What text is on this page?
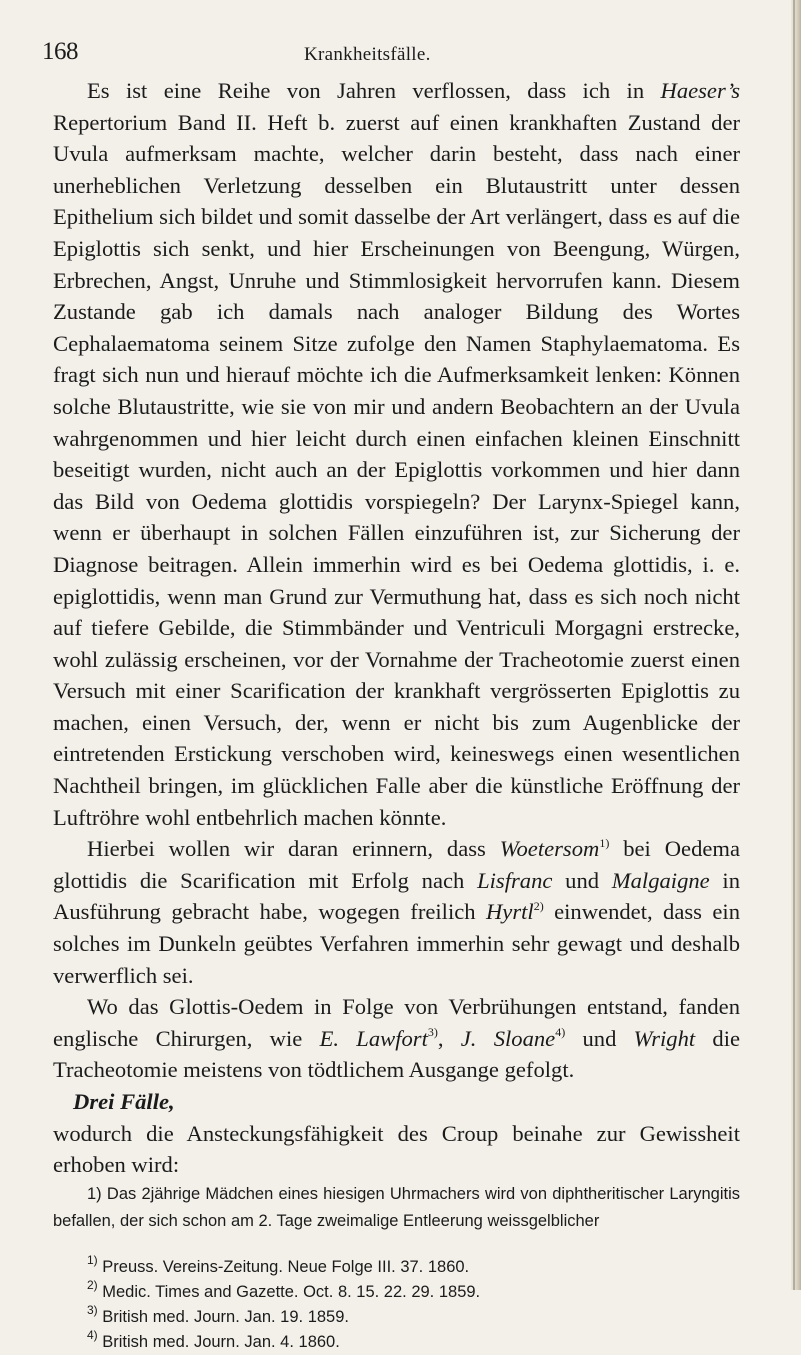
168	Krankheitsfälle.

Es ist eine Reihe von Jahren verflossen, dass ich in Haeser’s Repertorium Band II. Heft b. zuerst auf einen krankhaften Zustand der Uvula aufmerksam machte, welcher darin besteht, dass nach einer unerheblichen Verletzung desselben ein Blutaustritt unter dessen Epithelium sich bildet und somit dasselbe der Art verlängert, dass es auf die Epiglottis sich senkt, und hier Erscheinungen von Beengung, Würgen, Erbrechen, Angst, Unruhe und Stimmlosigkeit hervorrufen kann. Diesem Zustande gab ich damals nach analoger Bildung des Wortes Cephalaematoma seinem Sitze zufolge den Namen Staphylaematoma. Es fragt sich nun und hierauf möchte ich die Aufmerksamkeit lenken: Können solche Blutaustritte, wie sie von mir und andern Beobachtern an der Uvula wahrgenommen und hier leicht durch einen einfachen kleinen Einschnitt beseitigt wurden, nicht auch an der Epiglottis vorkommen und hier dann das Bild von Oedema glottidis vorspiegeln? Der Larynx-Spiegel kann, wenn er überhaupt in solchen Fällen einzuführen ist, zur Sicherung der Diagnose beitragen. Allein immerhin wird es bei Oedema glottidis, i. e. epiglottidis, wenn man Grund zur Vermuthung hat, dass es sich noch nicht auf tiefere Gebilde, die Stimmbänder und Ventriculi Morgagni erstrecke, wohl zulässig erscheinen, vor der Vornahme der Tracheotomie zuerst einen Versuch mit einer Scarification der krankhaft vergrösserten Epiglottis zu machen, einen Versuch, der, wenn er nicht bis zum Augenblicke der eintretenden Erstickung verschoben wird, keineswegs einen wesentlichen Nachtheil bringen, im glücklichen Falle aber die künstliche Eröffnung der Luftröhre wohl entbehrlich machen könnte.

Hierbei wollen wir daran erinnern, dass Woetersom$^{1)}$ bei Oedema glottidis die Scarification mit Erfolg nach Lisfranc und Malgaigne in Ausführung gebracht habe, wogegen freilich Hyrtl$^{2)}$ einwendet, dass ein solches im Dunkeln geübtes Verfahren immerhin sehr gewagt und deshalb verwerflich sei.

Wo das Glottis-Oedem in Folge von Verbrühungen entstand, fanden englische Chirurgen, wie E. Lawfort$^{3)}$, J. Sloane$^{4)}$ und Wright die Tracheotomie meistens von tödtlichem Ausgange gefolgt.

Drei Fälle,

wodurch die Ansteckungsfähigkeit des Croup beinahe zur Gewissheit erhoben wird:

1) Das 2jährige Mädchen eines hiesigen Uhrmachers wird von diphtheritischer Laryngitis befallen, der sich schon am 2. Tage zweimalige Entleerung weissgelblicher

$^{1)}$ Preuss. Vereins-Zeitung. Neue Folge III. 37. 1860.
$^{2)}$ Medic. Times and Gazette. Oct. 8. 15. 22. 29. 1859.
$^{3)}$ British med. Journ. Jan. 19. 1859.
$^{4)}$ British med. Journ. Jan. 4. 1860.
